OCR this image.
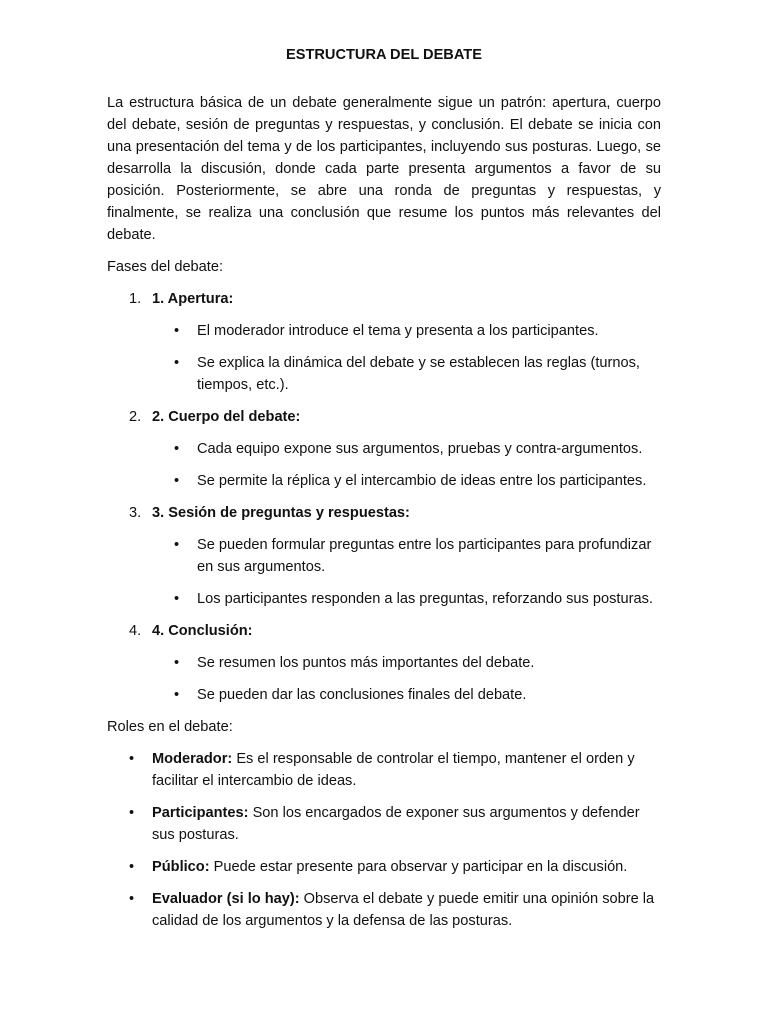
ESTRUCTURA DEL DEBATE

La estructura básica de un debate generalmente sigue un patrón: apertura, cuerpo del debate, sesión de preguntas y respuestas, y conclusión. El debate se inicia con una presentación del tema y de los participantes, incluyendo sus posturas. Luego, se desarrolla la discusión, donde cada parte presenta argumentos a favor de su posición. Posteriormente, se abre una ronda de preguntas y respuestas, y finalmente, se realiza una conclusión que resume los puntos más relevantes del debate.

Fases del debate:

1. 1. Apertura:
• El moderador introduce el tema y presenta a los participantes.
• Se explica la dinámica del debate y se establecen las reglas (turnos, tiempos, etc.).
2. 2. Cuerpo del debate:
• Cada equipo expone sus argumentos, pruebas y contra-argumentos.
• Se permite la réplica y el intercambio de ideas entre los participantes.
3. 3. Sesión de preguntas y respuestas:
• Se pueden formular preguntas entre los participantes para profundizar en sus argumentos.
• Los participantes responden a las preguntas, reforzando sus posturas.
4. 4. Conclusión:
• Se resumen los puntos más importantes del debate.
• Se pueden dar las conclusiones finales del debate.

Roles en el debate:

• Moderador: Es el responsable de controlar el tiempo, mantener el orden y facilitar el intercambio de ideas.
• Participantes: Son los encargados de exponer sus argumentos y defender sus posturas.
• Público: Puede estar presente para observar y participar en la discusión.
• Evaluador (si lo hay): Observa el debate y puede emitir una opinión sobre la calidad de los argumentos y la defensa de las posturas.
